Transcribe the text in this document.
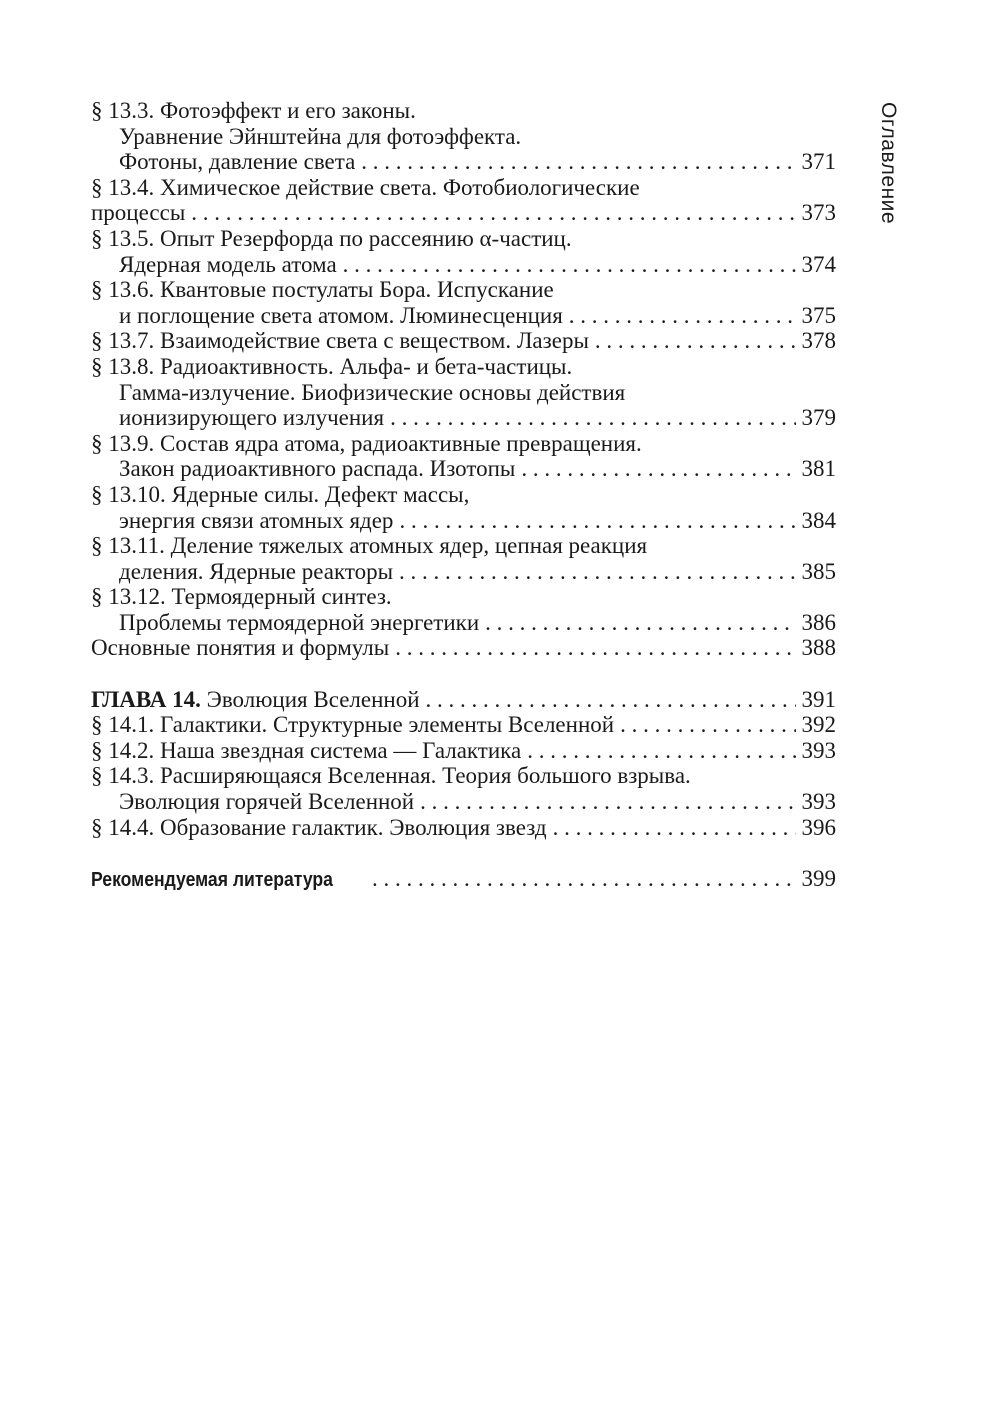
Оглавление
§ 13.3. Фотоэффект и его законы.
Уравнение Эйнштейна для фотоэффекта.
Фотоны, давление света . . .	371
§ 13.4. Химическое действие света. Фотобиологические
процессы . . .	373
§ 13.5. Опыт Резерфорда по рассеянию α-частиц.
Ядерная модель атома . . .	374
§ 13.6. Квантовые постулаты Бора. Испускание
и поглощение света атомом. Люминесценция . . .	375
§ 13.7. Взаимодействие света с веществом. Лазеры . . .	378
§ 13.8. Радиоактивность. Альфа- и бета-частицы.
Гамма-излучение. Биофизические основы действия
ионизирующего излучения . . .	379
§ 13.9. Состав ядра атома, радиоактивные превращения.
Закон радиоактивного распада. Изотопы . . .	381
§ 13.10. Ядерные силы. Дефект массы,
энергия связи атомных ядер . . .	384
§ 13.11. Деление тяжелых атомных ядер, цепная реакция
деления. Ядерные реакторы . . .	385
§ 13.12. Термоядерный синтез.
Проблемы термоядерной энергетики . . .	386
Основные понятия и формулы . . .	388
ГЛАВА 14. Эволюция Вселенной . . .	391
§ 14.1. Галактики. Структурные элементы Вселенной . . .	392
§ 14.2. Наша звездная система — Галактика . . .	393
§ 14.3. Расширяющаяся Вселенная. Теория большого взрыва.
Эволюция горячей Вселенной . . .	393
§ 14.4. Образование галактик. Эволюция звезд . . .	396
Рекомендуемая литература . . .	399
